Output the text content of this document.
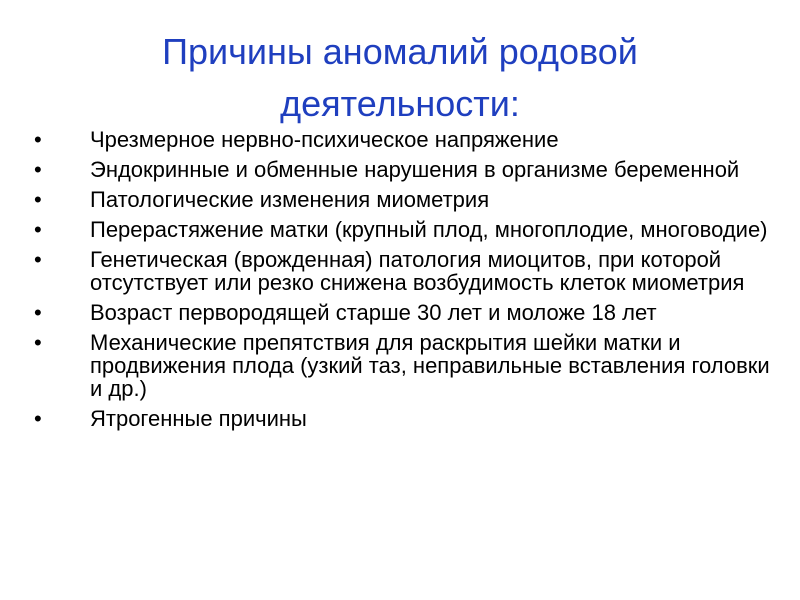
Причины аномалий родовой деятельности:
•	Чрезмерное нервно-психическое напряжение
•	Эндокринные и обменные нарушения в организме беременной
•	Патологические изменения миометрия
•	Перерастяжение матки (крупный плод, многоплодие, многоводие)
•	Генетическая (врожденная) патология миоцитов, при которой отсутствует или резко снижена возбудимость клеток миометрия
•	Возраст первородящей старше 30 лет и моложе 18 лет
•	Механические препятствия для раскрытия шейки матки и продвижения плода (узкий таз, неправильные вставления головки и др.)
•	Ятрогенные причины
